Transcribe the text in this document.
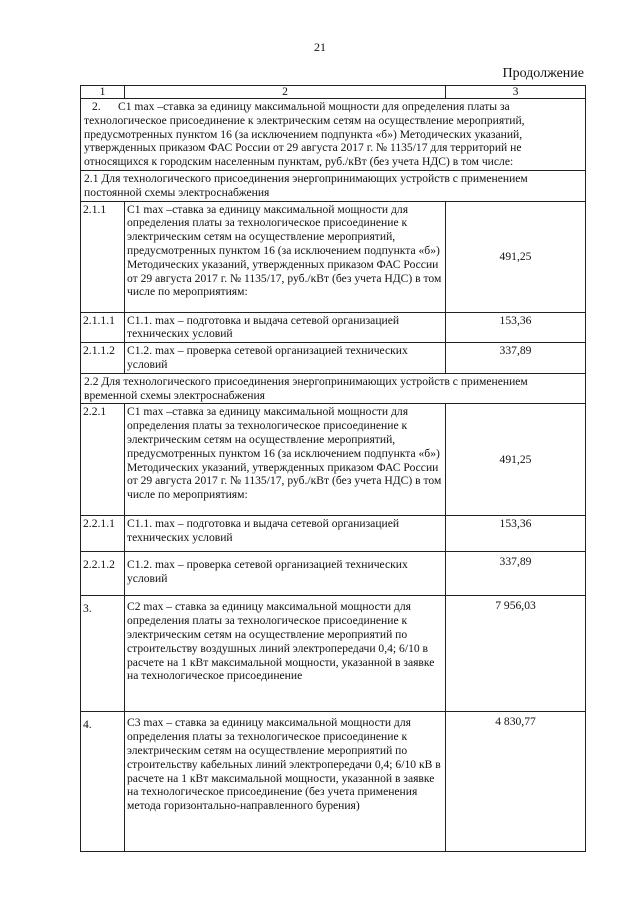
21
Продолжение
1	2	3
2. C1 max –ставка за единицу максимальной мощности для определения платы за технологическое присоединение к электрическим сетям на осуществление мероприятий, предусмотренных пунктом 16 (за исключением подпункта «б») Методических указаний, утвержденных приказом ФАС России от 29 августа 2017 г. № 1135/17 для территорий не относящихся к городским населенным пунктам, руб./кВт (без учета НДС) в том числе:		
2.1 Для технологического присоединения энергопринимающих устройств с применением постоянной схемы электроснабжения		
2.1.1	C1 max –ставка за единицу максимальной мощности для определения платы за технологическое присоединение к электрическим сетям на осуществление мероприятий, предусмотренных пунктом 16 (за исключением подпункта «б») Методических указаний, утвержденных приказом ФАС России от 29 августа 2017 г. № 1135/17, руб./кВт (без учета НДС) в том числе по мероприятиям:	491,25
2.1.1.1	C1.1. max – подготовка и выдача сетевой организацией технических условий	153,36
2.1.1.2	C1.2. max – проверка сетевой организацией технических условий	337,89
2.2 Для технологического присоединения энергопринимающих устройств с применением временной схемы электроснабжения		
2.2.1	C1 max –ставка за единицу максимальной мощности для определения платы за технологическое присоединение к электрическим сетям на осуществление мероприятий, предусмотренных пунктом 16 (за исключением подпункта «б») Методических указаний, утвержденных приказом ФАС России от 29 августа 2017 г. № 1135/17, руб./кВт (без учета НДС) в том числе по мероприятиям:	491,25
2.2.1.1	C1.1. max – подготовка и выдача сетевой организацией технических условий	153,36
2.2.1.2	C1.2. max – проверка сетевой организацией технических условий	337,89
3.	C2 max – ставка за единицу максимальной мощности для определения платы за технологическое присоединение к электрическим сетям на осуществление мероприятий по строительству воздушных линий электропередачи 0,4; 6/10 в расчете на 1 кВт максимальной мощности, указанной в заявке на технологическое присоединение	7 956,03
4.	C3 max – ставка за единицу максимальной мощности для определения платы за технологическое присоединение к электрическим сетям на осуществление мероприятий по строительству кабельных линий электропередачи 0,4; 6/10 кВ в расчете на 1 кВт максимальной мощности, указанной в заявке на технологическое присоединение (без учета применения метода горизонтально-направленного бурения)	4 830,77
